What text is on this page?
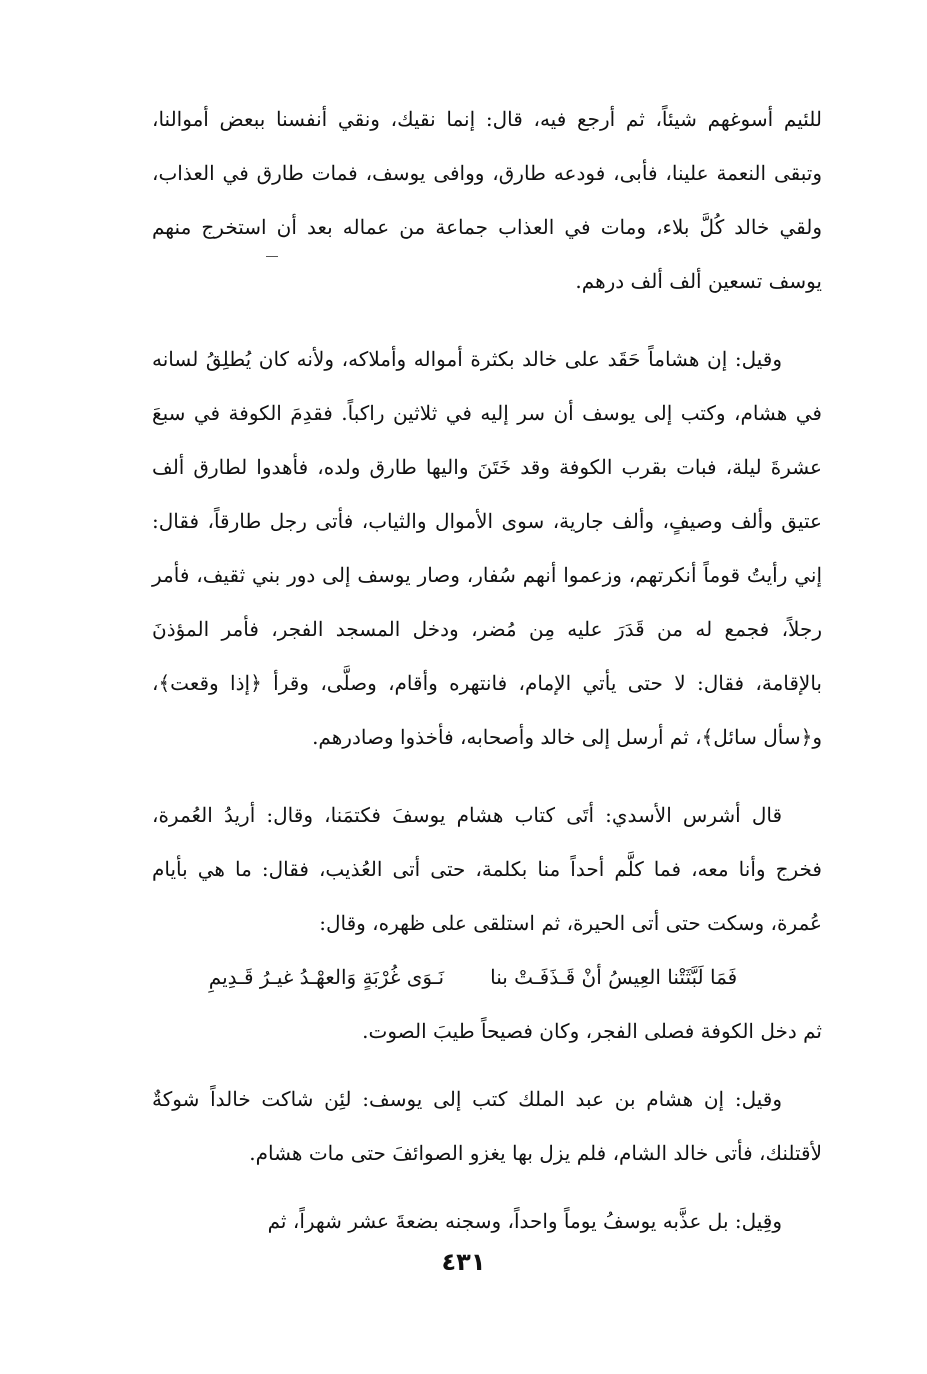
للئيم أسوغهم شيئاً، ثم أرجع فيه، قال: إنما نقيك، ونقي أنفسنا ببعض أموالنا، وتبقى النعمة علينا، فأبى، فودعه طارق، ووافى يوسف، فمات طارق في العذاب، ولقي خالد كُلَّ بلاء، ومات في العذاب جماعة من عماله بعد أن استخرج منهم يوسف تسعين ألف ألف درهم.

وقيل: إن هشاماً حَقَد على خالد بكثرة أمواله وأملاكه، ولأنه كان يُطلِقُ لسانه في هشام، وكتب إلى يوسف أن سر إليه في ثلاثين راكباً. فقدِمَ الكوفة في سبعَ عشرةَ ليلة، فبات بقرب الكوفة وقد خَتَنَ واليها طارق ولده، فأهدوا لطارق ألف عتيق وألف وصيفٍ، وألف جارية، سوى الأموال والثياب، فأتى رجل طارقاً، فقال: إني رأيتُ قوماً أنكرتهم، وزعموا أنهم سُفار، وصار يوسف إلى دور بني ثقيف، فأمر رجلاً، فجمع له من قَدَرَ عليه مِن مُضر، ودخل المسجد الفجر، فأمر المؤذنَ بالإقامة، فقال: لا حتى يأتي الإمام، فانتهره وأقام، وصلَّى، وقرأ ﴿إذا وقعت﴾، و﴿سأل سائل﴾، ثم أرسل إلى خالد وأصحابه، فأخذوا وصادرهم.

قال أشرس الأسدي: أتَى كتاب هشام يوسفَ فكتمَنا، وقال: أريدُ العُمرة، فخرج وأنا معه، فما كلَّم أحداً منا بكلمة، حتى أتى العُذيب، فقال: ما هي بأيام عُمرة، وسكت حتى أتى الحيرة، ثم استلقى على ظهره، وقال:

فَمَا لَبَّثَتْنا العِيسُ أنْ قَـذَفَـتْ بنا
نَـوَى غُرْبَةٍ وَالعهْـدُ غيـرُ قَـدِيمِ

ثم دخل الكوفة فصلى الفجر، وكان فصيحاً طيبَ الصوت.

وقيل: إن هشام بن عبد الملك كتب إلى يوسف: لئِن شاكت خالداً شوكةٌ لأقتلنك، فأتى خالد الشام، فلم يزل بها يغزو الصوائفَ حتى مات هشام.

وقِيل: بل عذَّبه يوسفُ يوماً واحداً، وسجنه بضعةَ عشر شهراً، ثم

٤٣١
